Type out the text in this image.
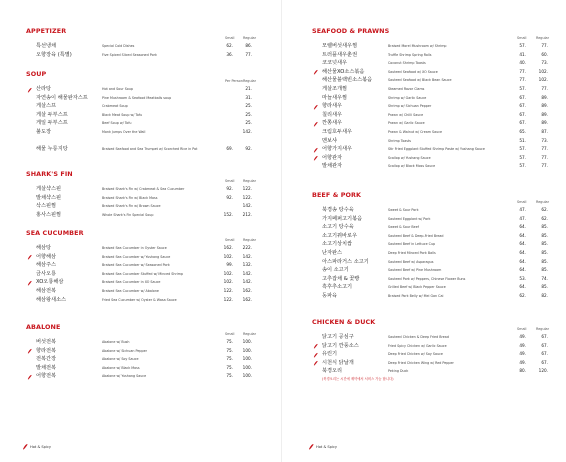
APPETIZER
Small	Regular
특선냉채	Special Cold Dishes	62.	86.
오향장육 (특별)	Five Spiced Sliced Seasoned Pork	36.	77.
SOUP
Per Person Regular
산라탕	Hot and Sour Soup	21.
자연송이 해물완자스프	Pine Mushroom & Seafood Meatballs soup	31.
게살스프	Crabmeat Soup	25.
게살 두부스프	Black Meat Soup w/ Tofu	25.
게일 두부스프	Beef Soup w/ Tofu	25.
불도장	Monk Jumps Over the Wall	142.
해물 누룽지탕	Braised Seafood and Sea Trumpet w/ Scorched Rice in Pot	69.	92.
SHARK'S FIN
Small	Regular
게살샥스핀	Braised Shark's Fin w/ Crabmeat & Sea Cucumber	92.	122.
발채샥스핀	Braised Shark's Fin w/ Black Moss	92.	122.
삭스핀찜	Braised Shark's Fin w/ Brown Sauce	142.
홍사스핀찜	Whole Shark's Fin Special Soup	152.	212.
SEA CUCUMBER
Small	Regular
해삼탕	Braised Sea Cucumber in Oyster Sauce	162.	222.
어향해삼	Braised Sea Cucumber w/ Yushang Sauce	102.	142.
해삼주스	Braised Sea Cucumber w/ Seasoned Pork	99.	132.
금사오룡	Braised Sea Cucumber Stuffed w/ Minced Shrimp	102.	142.
XO오룡해삼	Braised Sea Cucumber in XO Sauce	102.	142.
해삼전복	Braised Sea Cucumber w/ Abalone	122.	162.
해삼왕새소스	Fried Sea Cucumber w/ Oyster & Wasa Sauce	122.	162.
ABALONE
Small	Regular
버섯전복	Abalone w/ Bush	75.	100.
향라전복	Abalone w/ Sichuan Pepper	75.	100.
전복간장	Abalone w/ Soy Sauce	75.	100.
발채전복	Abalone w/ Black Moss	75.	100.
어향전복	Abalone w/ Yushang Sauce	75.	100.
SEAFOOD & PRAWNS
Small	Regular
모렐버섯새우찜	Braised Morel Mushroom w/ Shrimp	57.	77.
트러플새우춘권	Truffle Shrimp Spring Rolls	41.	60.
코코넛새우	Coconut Shrimp Toasts	40.	73.
해산물XO소스볶음	Sauteed Seafood w/ XO Sauce	77.	102.
해산물블랙빈소스볶음	Sauteed Seafood w/ Black Bean Sauce	77.	102.
게살조개찜	Steamed Razor Clams	57.	77.
마늘새우찜	Shrimp w/ Garlic Sauce	67.	89.
향라새우	Shrimp w/ Sichuan Pepper	67.	89.
칠리새우	Prawn w/ Chilli Sauce	67.	89.
깐쫑새우	Prawn w/ Garlic Sauce	67.	89.
크림호두새우	Prawn & Walnut w/ Cream Sauce	65.	87.
멘보샤	Shrimp Toasts	51.	73.
어향가지새우	Stir Fried Eggplant Stuffed Shrimp Paste w/ Yushang Sauce	57.	77.
어향관자	Scallop w/ Yushang Sauce	57.	77.
발채관자	Scallop w/ Black Moss Sauce	57.	77.
BEEF & PORK
Small	Regular
북경송 탕수육	Sweet & Sour Pork	47.	62.
가지페퍼고기볶음	Sauteed Eggplant w/ Pork	47.	62.
소고기 탕수육	Sweet & Sour Beef	64.	85.
소고기꿔바로우	Sauteed Beef & Deep-Fried Bread	64.	85.
소고기상치쌈	Sauteed Beef in Lettuce Cup	64.	85.
난자완스	Deep Fried Minced Pork Balls	64.	85.
아스파라거스 소고기	Sauteed Beef w/ Asparagus	64.	85.
송이 소고기	Sauteed Beef w/ Pine Mushroom	64.	85.
고추잡채 & 꽃빵	Sauteed Pork w/ Peppers, Chinese Flower Buns	53.	74.
흑후추소고기	Grilled Beef w/ Black Pepper Sauce	64.	85.
동파육	Braised Pork Belly w/ Mei Gan Cai	62.	82.
CHICKEN & DUCK
Small	Regular
닭고기 공심구	Sauteed Chicken & Deep Fried Bread	49.	67.
닭고기 깐풍소스	Fried Spicy Chicken w/ Garlic Sauce	49.	67.
유린기	Deep Fried Chicken w/ Soy Sauce	49.	67.
시천식 닭날개	Deep Fried Chicken Wing w/ Red Pepper	49.	67.
북경오리	Peking Duck	80.	120.
(북경오리는 시간에 제약에서 서비스 가능 합니다)
Hot & Spicy	Hot & Spicy
